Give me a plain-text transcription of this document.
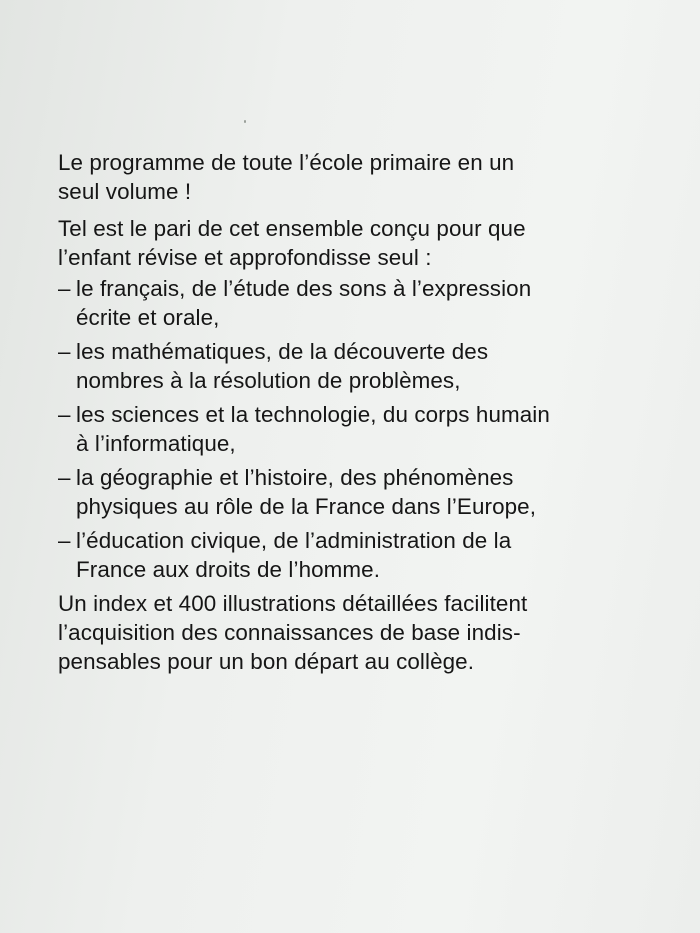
Le programme de toute l’école primaire en un
seul volume !
Tel est le pari de cet ensemble conçu pour que
l’enfant révise et approfondisse seul :
– le français, de l’étude des sons à l’expression
écrite et orale,
– les mathématiques, de la découverte des
nombres à la résolution de problèmes,
– les sciences et la technologie, du corps humain
à l’informatique,
– la géographie et l’histoire, des phénomènes
physiques au rôle de la France dans l’Europe,
– l’éducation civique, de l’administration de la
France aux droits de l’homme.
Un index et 400 illustrations détaillées facilitent
l’acquisition des connaissances de base indis-
pensables pour un bon départ au collège.
